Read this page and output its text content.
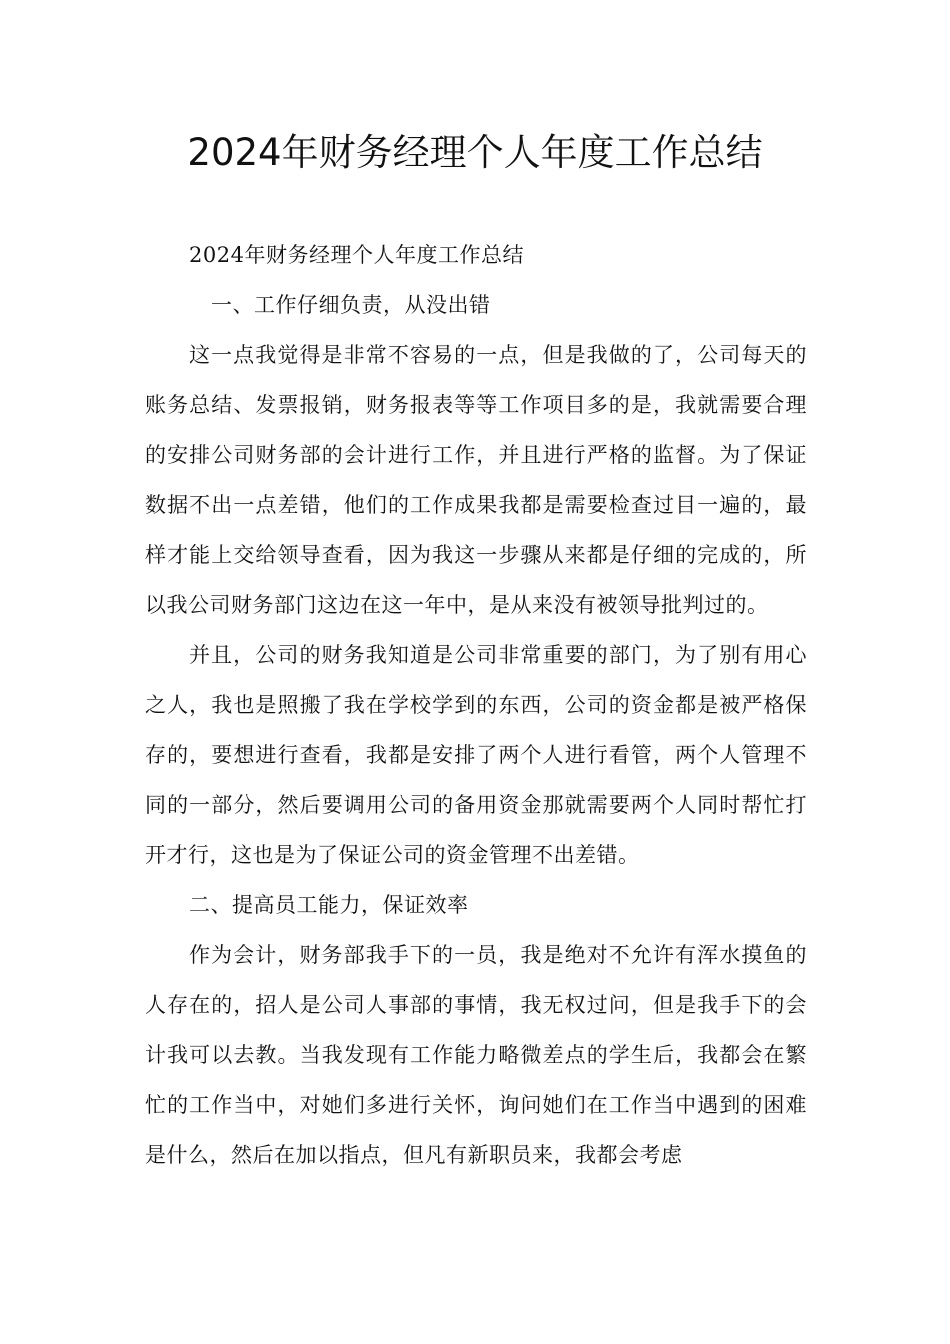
2024年财务经理个人年度工作总结

2024年财务经理个人年度工作总结

一、工作仔细负责，从没出错

这一点我觉得是非常不容易的一点，但是我做的了，公司每天的账务总结、发票报销，财务报表等等工作项目多的是，我就需要合理的安排公司财务部的会计进行工作，并且进行严格的监督。为了保证数据不出一点差错，他们的工作成果我都是需要检查过目一遍的，最样才能上交给领导查看，因为我这一步骤从来都是仔细的完成的，所以我公司财务部门这边在这一年中，是从来没有被领导批判过的。

并且，公司的财务我知道是公司非常重要的部门，为了别有用心之人，我也是照搬了我在学校学到的东西，公司的资金都是被严格保存的，要想进行查看，我都是安排了两个人进行看管，两个人管理不同的一部分，然后要调用公司的备用资金那就需要两个人同时帮忙打开才行，这也是为了保证公司的资金管理不出差错。

二、提高员工能力，保证效率

作为会计，财务部我手下的一员，我是绝对不允许有浑水摸鱼的人存在的，招人是公司人事部的事情，我无权过问，但是我手下的会计我可以去教。当我发现有工作能力略微差点的学生后，我都会在繁忙的工作当中，对她们多进行关怀，询问她们在工作当中遇到的困难是什么，然后在加以指点，但凡有新职员来，我都会考虑
